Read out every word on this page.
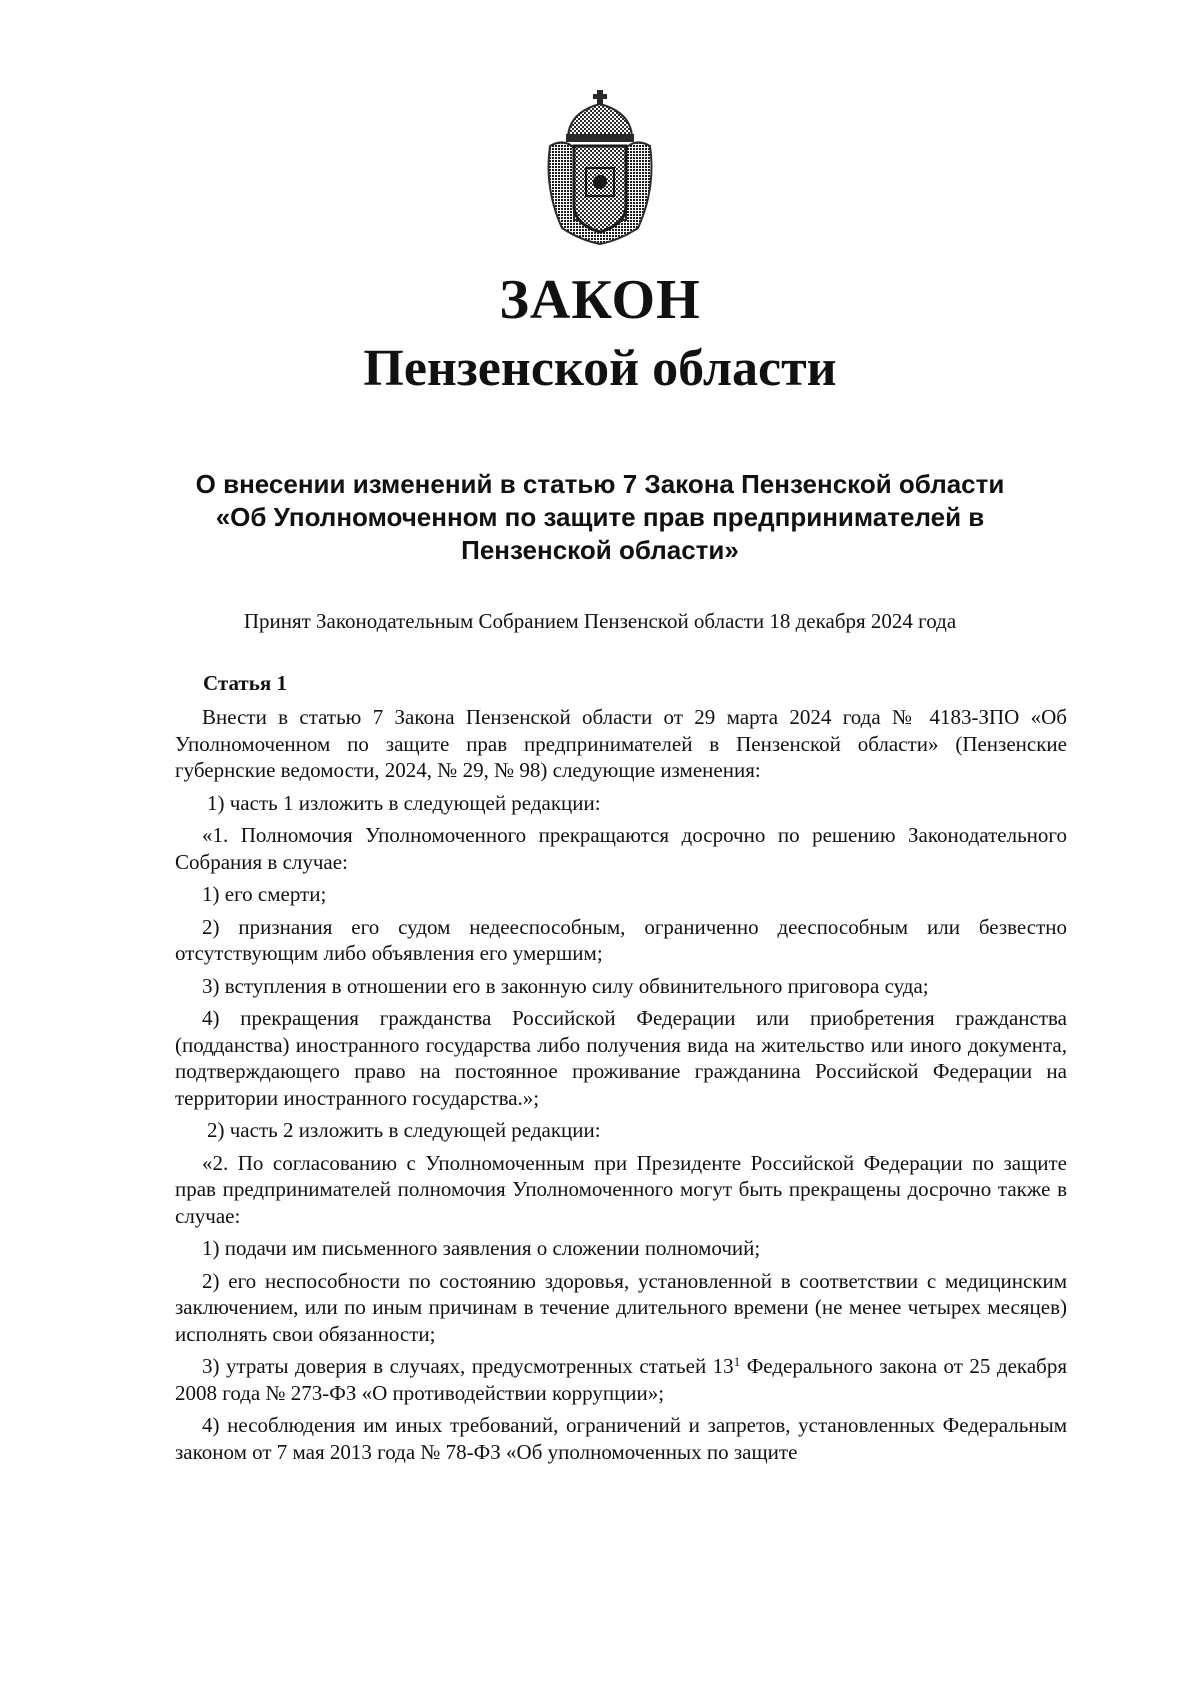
ЗАКОН
Пензенской области
О внесении изменений в статью 7 Закона Пензенской области
«Об Уполномоченном по защите прав предпринимателей в
Пензенской области»
Принят Законодательным Собранием Пензенской области 18 декабря 2024 года
Статья 1

Внести в статью 7 Закона Пензенской области от 29 марта 2024 года № 4183-ЗПО «Об Уполномоченном по защите прав предпринимателей в Пензенской области» (Пензенские губернские ведомости, 2024, № 29, № 98) следующие изменения:

1) часть 1 изложить в следующей редакции:

«1. Полномочия Уполномоченного прекращаются досрочно по решению Законодательного Собрания в случае:

1) его смерти;

2) признания его судом недееспособным, ограниченно дееспособным или безвестно отсутствующим либо объявления его умершим;

3) вступления в отношении его в законную силу обвинительного приговора суда;

4) прекращения гражданства Российской Федерации или приобретения гражданства (подданства) иностранного государства либо получения вида на жительство или иного документа, подтверждающего право на постоянное проживание гражданина Российской Федерации на территории иностранного государства.»;

2) часть 2 изложить в следующей редакции:

«2. По согласованию с Уполномоченным при Президенте Российской Федерации по защите прав предпринимателей полномочия Уполномоченного могут быть прекращены досрочно также в случае:

1) подачи им письменного заявления о сложении полномочий;

2) его неспособности по состоянию здоровья, установленной в соответствии с медицинским заключением, или по иным причинам в течение длительного времени (не менее четырех месяцев) исполнять свои обязанности;

3) утраты доверия в случаях, предусмотренных статьей $13^1$ Федерального закона от 25 декабря 2008 года № 273-ФЗ «О противодействии коррупции»;

4) несоблюдения им иных требований, ограничений и запретов, установленных Федеральным законом от 7 мая 2013 года № 78-ФЗ «Об уполномоченных по защите
